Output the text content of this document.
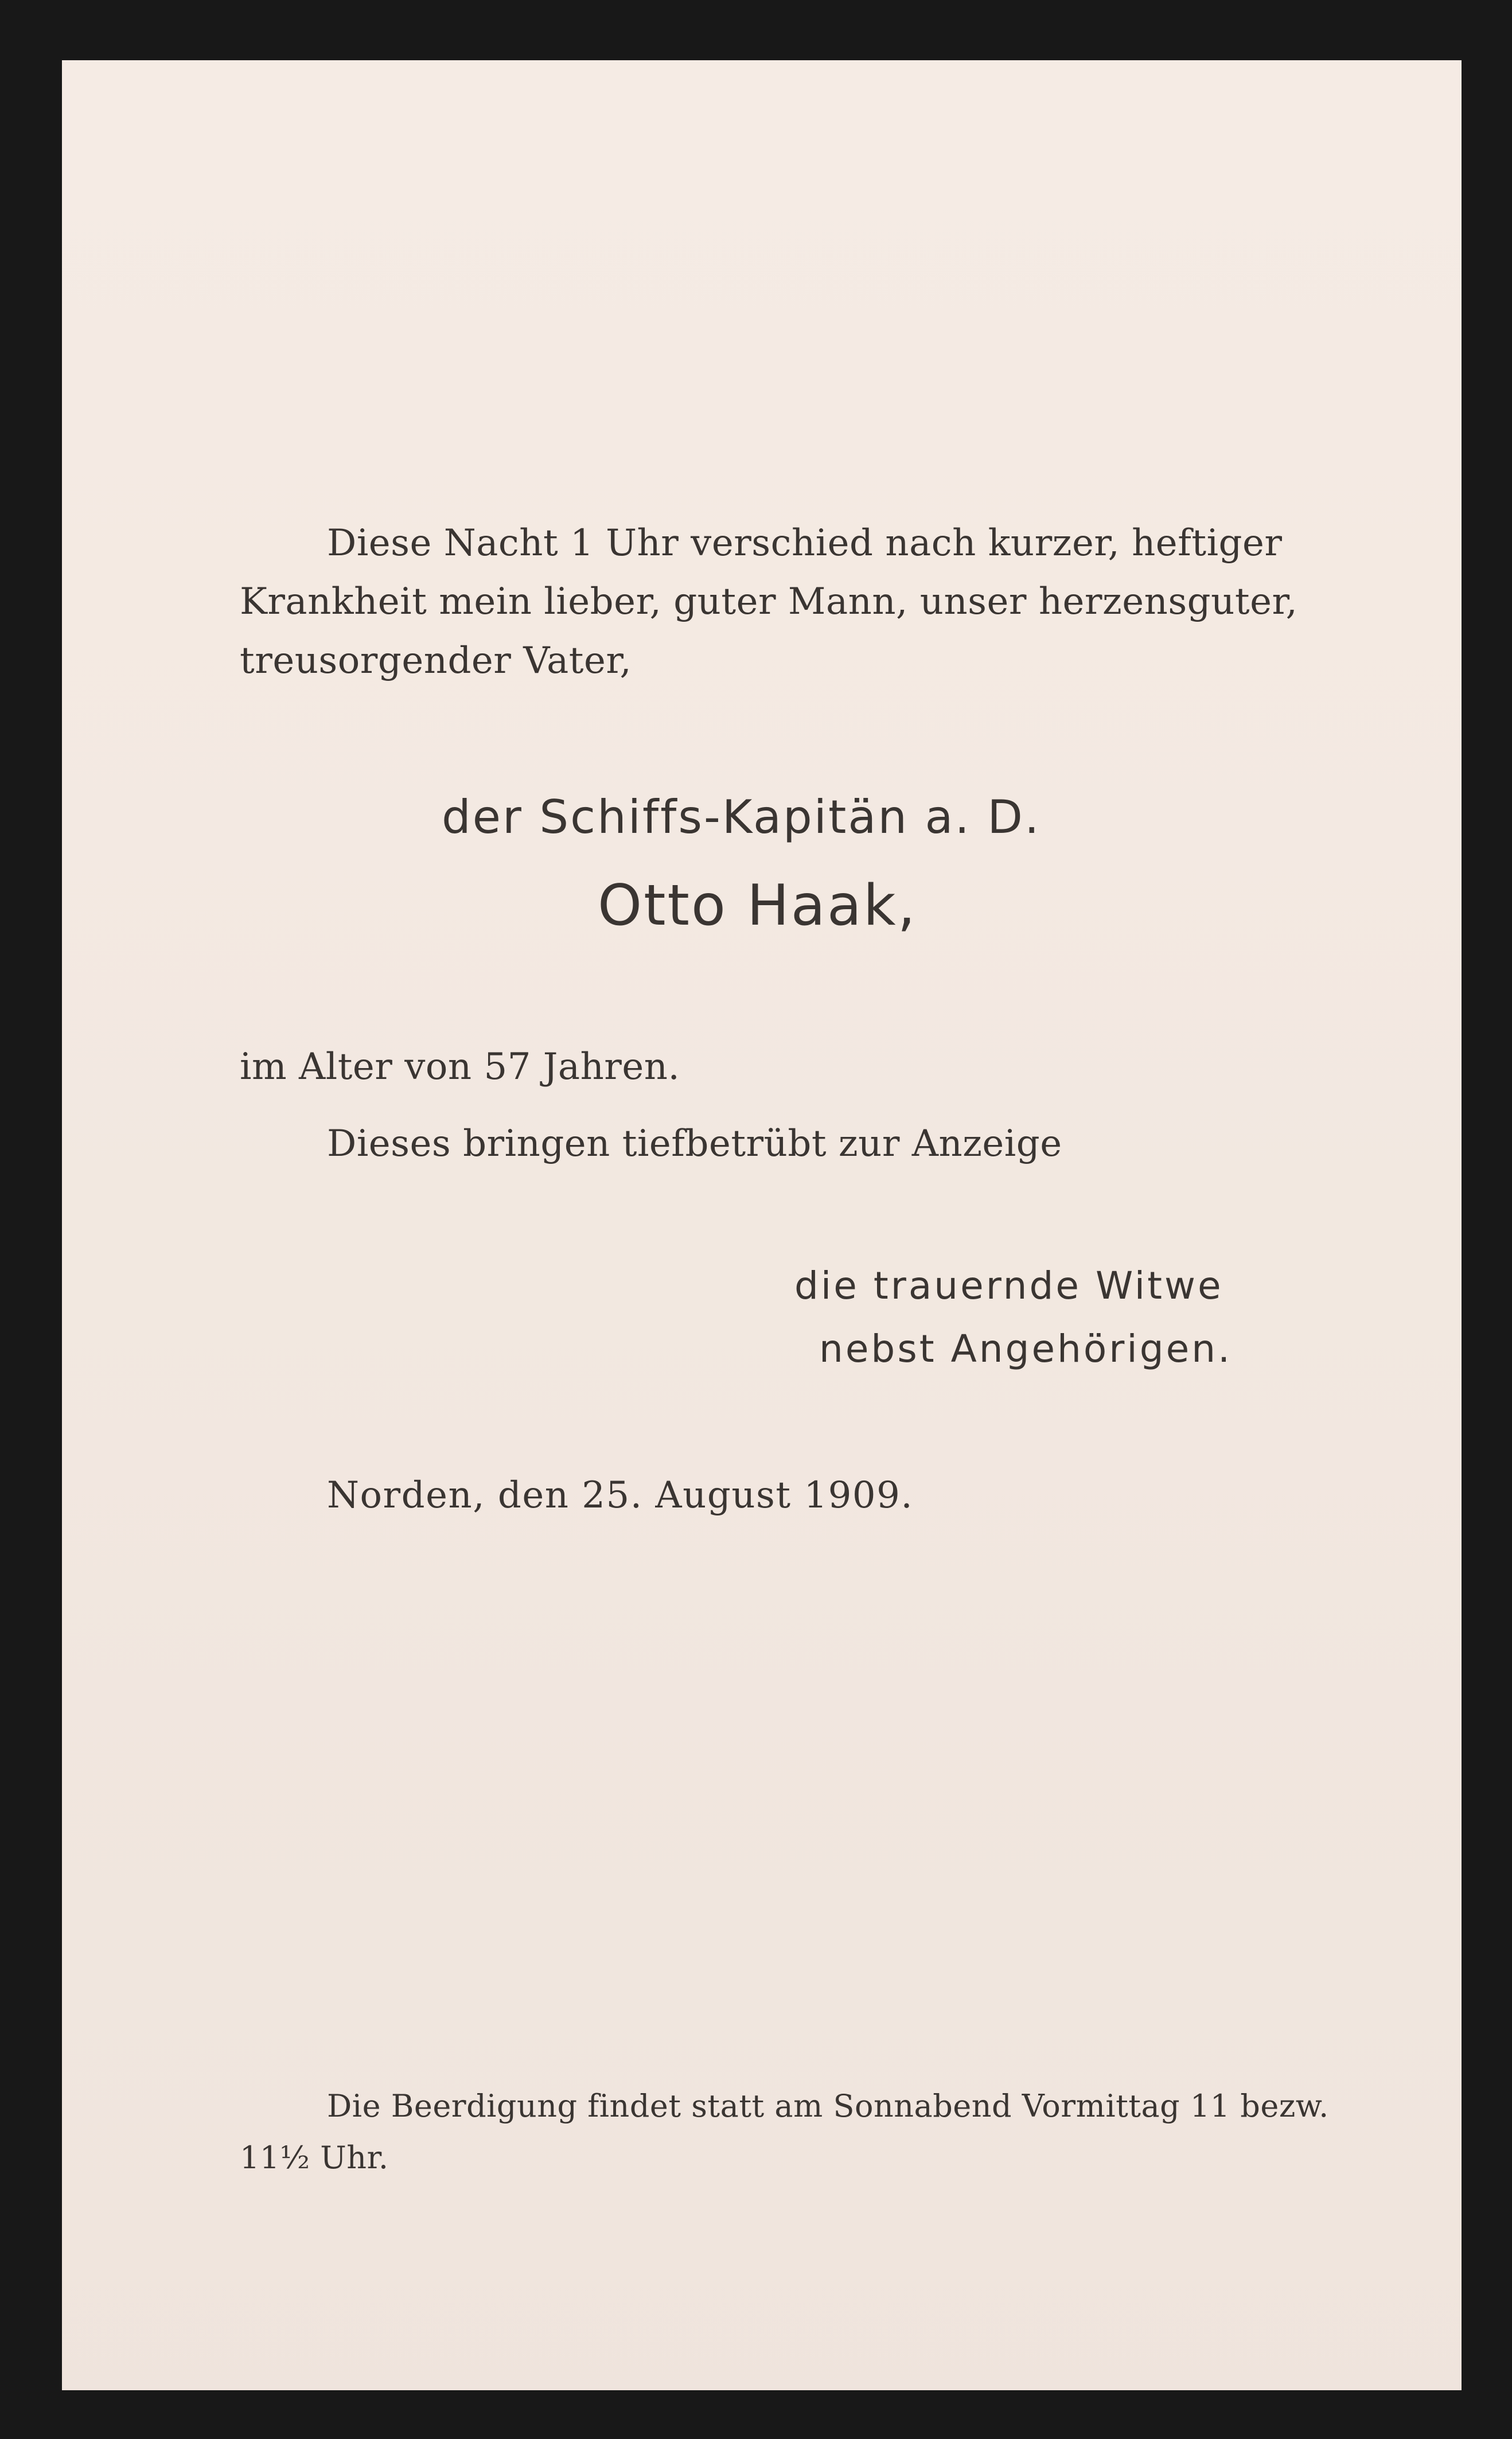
Diese Nacht 1 Uhr verschied nach kurzer, heftiger
Krankheit mein lieber, guter Mann, unser herzensguter,
treusorgender Vater,
der Schiffs-Kapitän a. D.
Otto Haak,
im Alter von 57 Jahren.
Dieses bringen tiefbetrübt zur Anzeige
die trauernde Witwe
nebst Angehörigen.
Norden, den 25. August 1909.
Die Beerdigung findet statt am Sonnabend Vormittag 11 bezw.
11½ Uhr.
